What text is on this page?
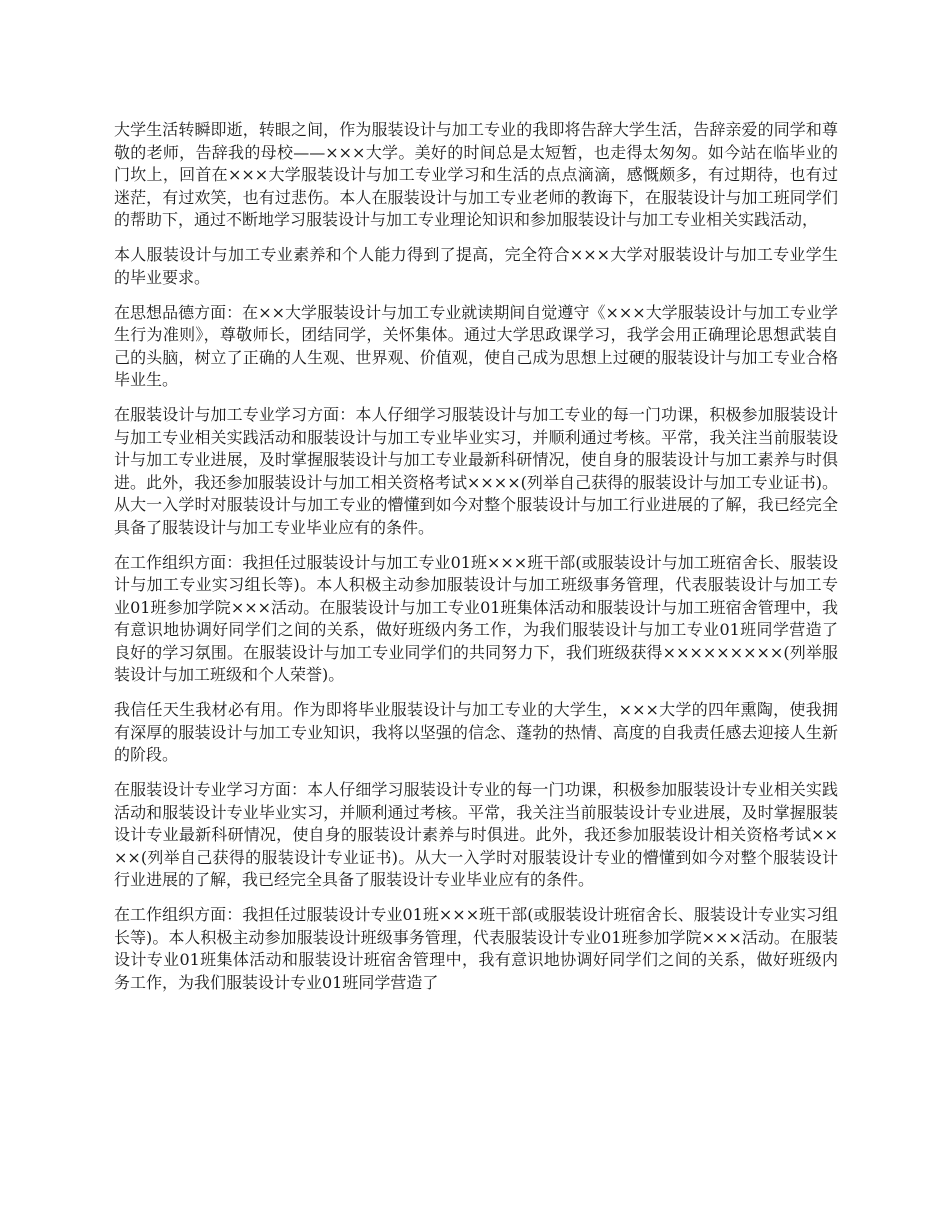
大学生活转瞬即逝，转眼之间，作为服装设计与加工专业的我即将告辞大学生活，告辞亲爱的同学和尊敬的老师，告辞我的母校——×××大学。美好的时间总是太短暂，也走得太匆匆。如今站在临毕业的门坎上，回首在×××大学服装设计与加工专业学习和生活的点点滴滴，感慨颇多，有过期待，也有过迷茫，有过欢笑，也有过悲伤。本人在服装设计与加工专业老师的教诲下，在服装设计与加工班同学们的帮助下，通过不断地学习服装设计与加工专业理论知识和参加服装设计与加工专业相关实践活动，

本人服装设计与加工专业素养和个人能力得到了提高，完全符合×××大学对服装设计与加工专业学生的毕业要求。

在思想品德方面：在××大学服装设计与加工专业就读期间自觉遵守《×××大学服装设计与加工专业学生行为准则》，尊敬师长，团结同学，关怀集体。通过大学思政课学习，我学会用正确理论思想武装自己的头脑，树立了正确的人生观、世界观、价值观，使自己成为思想上过硬的服装设计与加工专业合格毕业生。

在服装设计与加工专业学习方面：本人仔细学习服装设计与加工专业的每一门功课，积极参加服装设计与加工专业相关实践活动和服装设计与加工专业毕业实习，并顺利通过考核。平常，我关注当前服装设计与加工专业进展，及时掌握服装设计与加工专业最新科研情况，使自身的服装设计与加工素养与时俱进。此外，我还参加服装设计与加工相关资格考试××××(列举自己获得的服装设计与加工专业证书)。从大一入学时对服装设计与加工专业的懵懂到如今对整个服装设计与加工行业进展的了解，我已经完全具备了服装设计与加工专业毕业应有的条件。

在工作组织方面：我担任过服装设计与加工专业01班×××班干部(或服装设计与加工班宿舍长、服装设计与加工专业实习组长等)。本人积极主动参加服装设计与加工班级事务管理，代表服装设计与加工专业01班参加学院×××活动。在服装设计与加工专业01班集体活动和服装设计与加工班宿舍管理中，我有意识地协调好同学们之间的关系，做好班级内务工作，为我们服装设计与加工专业01班同学营造了良好的学习氛围。在服装设计与加工专业同学们的共同努力下，我们班级获得×××××××××(列举服装设计与加工班级和个人荣誉)。

我信任天生我材必有用。作为即将毕业服装设计与加工专业的大学生，×××大学的四年熏陶，使我拥有深厚的服装设计与加工专业知识，我将以坚强的信念、蓬勃的热情、高度的自我责任感去迎接人生新的阶段。

在服装设计专业学习方面：本人仔细学习服装设计专业的每一门功课，积极参加服装设计专业相关实践活动和服装设计专业毕业实习，并顺利通过考核。平常，我关注当前服装设计专业进展，及时掌握服装设计专业最新科研情况，使自身的服装设计素养与时俱进。此外，我还参加服装设计相关资格考试××××(列举自己获得的服装设计专业证书)。从大一入学时对服装设计专业的懵懂到如今对整个服装设计行业进展的了解，我已经完全具备了服装设计专业毕业应有的条件。

在工作组织方面：我担任过服装设计专业01班×××班干部(或服装设计班宿舍长、服装设计专业实习组长等)。本人积极主动参加服装设计班级事务管理，代表服装设计专业01班参加学院×××活动。在服装设计专业01班集体活动和服装设计班宿舍管理中，我有意识地协调好同学们之间的关系，做好班级内务工作，为我们服装设计专业01班同学营造了
